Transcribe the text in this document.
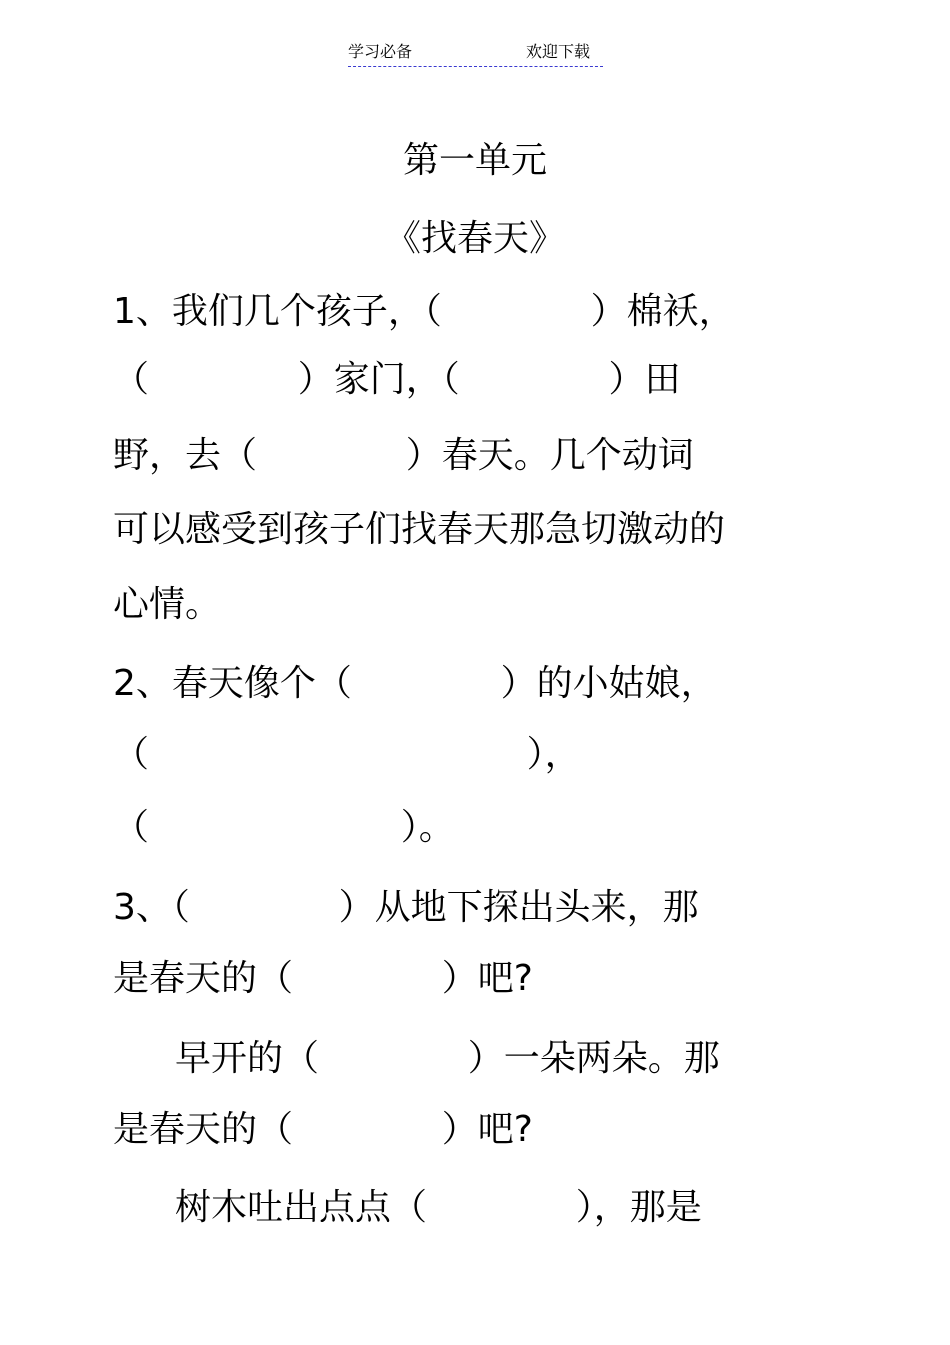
学习必备	欢迎下载
第一单元
《找春天》
1、我们几个孩子，（             ）棉袄，
（             ）家门，（             ）田
野，去（             ）春天。几个动词
可以感受到孩子们找春天那急切激动的
心情。
2、春天像个（             ）的小姑娘，
（                                 ），
（                      ）。
3、（             ）从地下探出头来，那
是春天的（             ）吧?
早开的（             ）一朵两朵。那
是春天的（             ）吧?
树木吐出点点（             ），那是
